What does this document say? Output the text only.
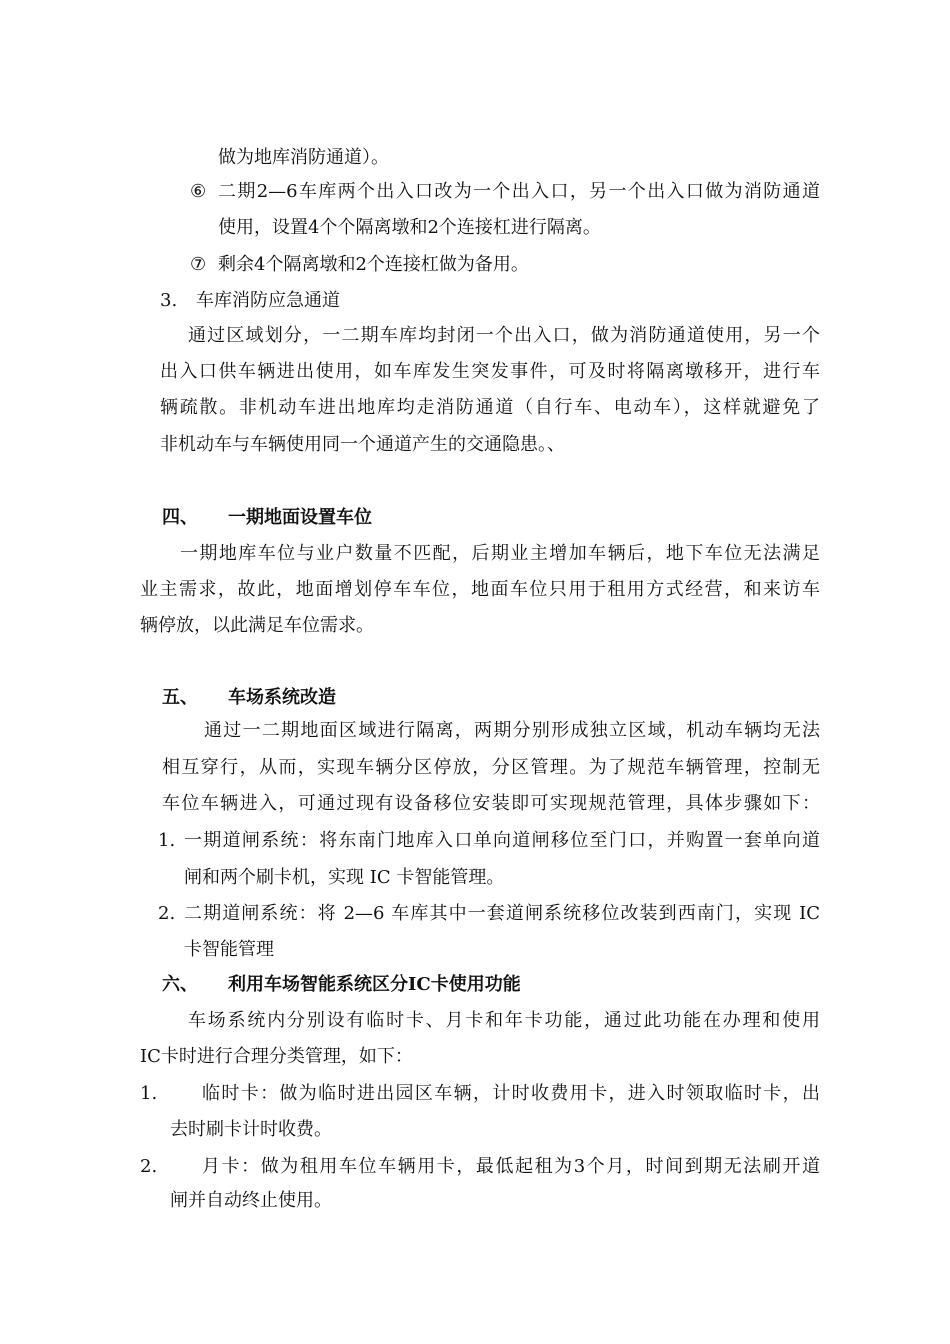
做为地库消防通道）。
⑥ 二期2—6车库两个出入口改为一个出入口，另一个出入口做为消防通道
使用，设置4个个隔离墩和2个连接杠进行隔离。
⑦ 剩余4个隔离墩和2个连接杠做为备用。
3. 车库消防应急通道
通过区域划分，一二期车库均封闭一个出入口，做为消防通道使用，另一个
出入口供车辆进出使用，如车库发生突发事件，可及时将隔离墩移开，进行车
辆疏散。非机动车进出地库均走消防通道（自行车、电动车），这样就避免了
非机动车与车辆使用同一个通道产生的交通隐患。、
四、 一期地面设置车位
一期地库车位与业户数量不匹配，后期业主增加车辆后，地下车位无法满足
业主需求，故此，地面增划停车车位，地面车位只用于租用方式经营，和来访车
辆停放，以此满足车位需求。
五、 车场系统改造
通过一二期地面区域进行隔离，两期分别形成独立区域，机动车辆均无法
相互穿行，从而，实现车辆分区停放，分区管理。为了规范车辆管理，控制无
车位车辆进入，可通过现有设备移位安装即可实现规范管理，具体步骤如下：
1. 一期道闸系统：将东南门地库入口单向道闸移位至门口，并购置一套单向道
闸和两个刷卡机，实现 IC 卡智能管理。
2. 二期道闸系统：将 2—6 车库其中一套道闸系统移位改装到西南门，实现 IC
卡智能管理
六、 利用车场智能系统区分IC卡使用功能
车场系统内分别设有临时卡、月卡和年卡功能，通过此功能在办理和使用
IC卡时进行合理分类管理，如下：
1. 临时卡：做为临时进出园区车辆，计时收费用卡，进入时领取临时卡，出
去时刷卡计时收费。
2. 月卡：做为租用车位车辆用卡，最低起租为3个月，时间到期无法刷开道
闸并自动终止使用。
